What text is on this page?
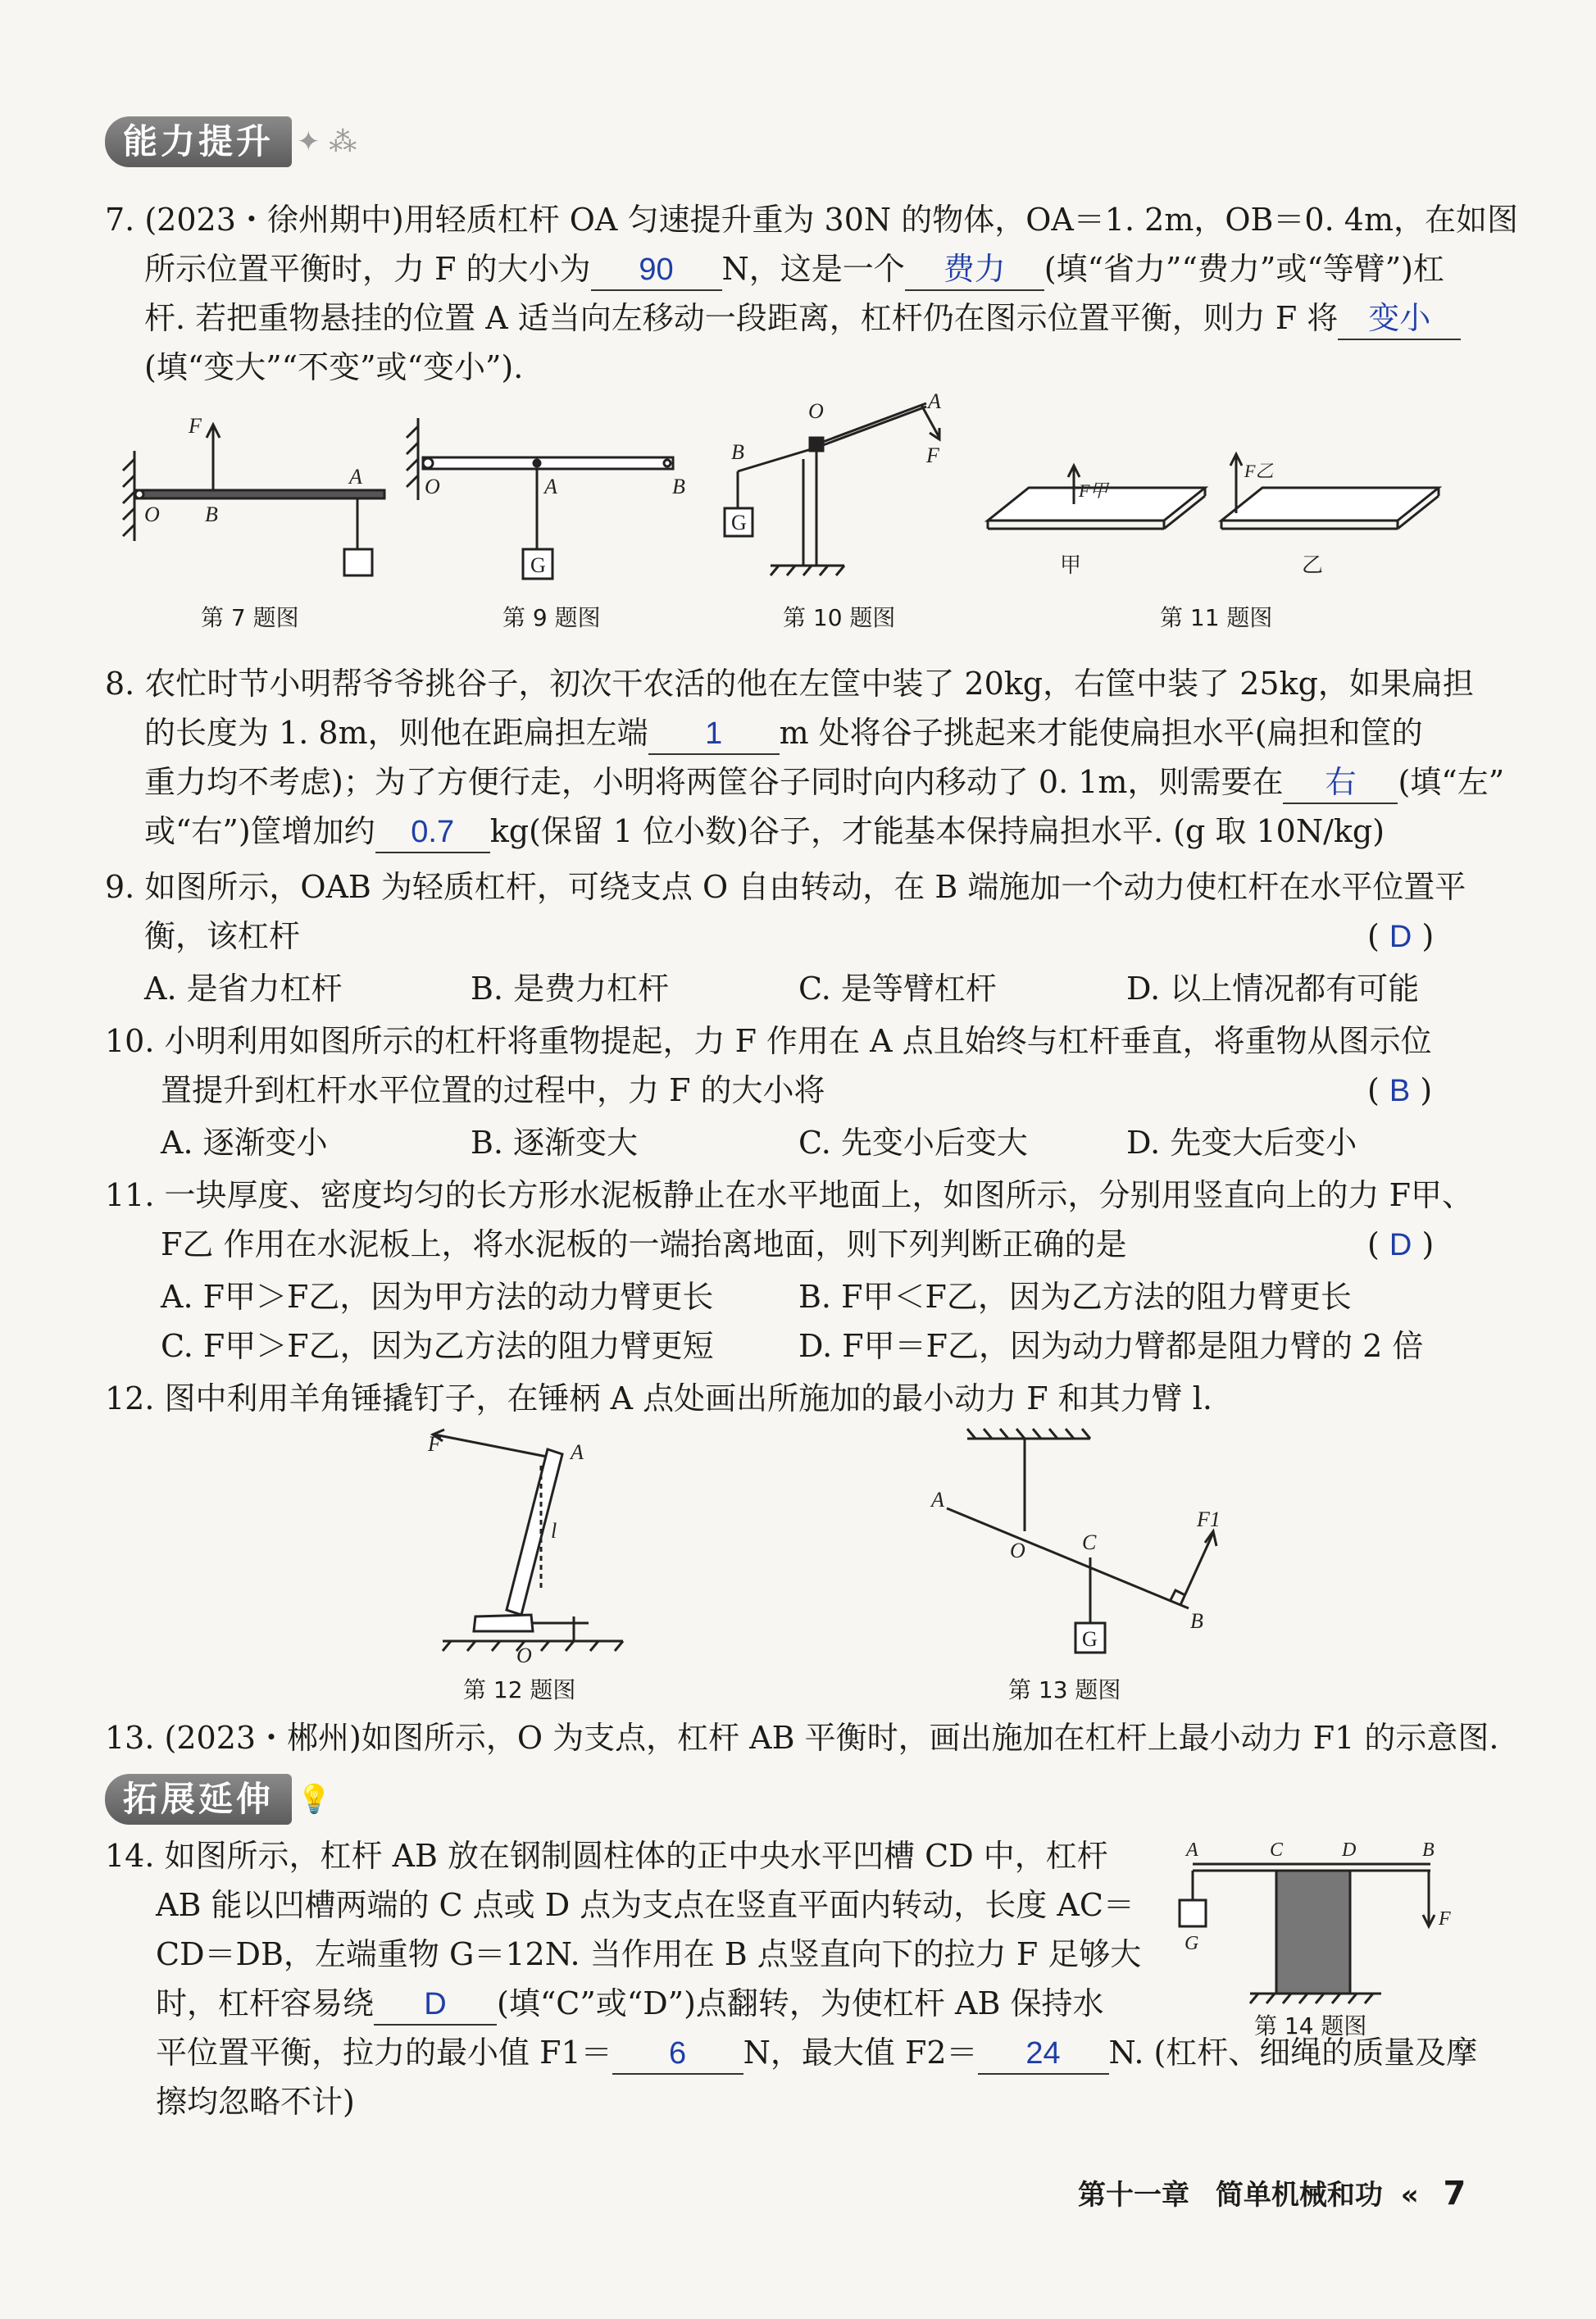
能力提升 ✦ ⁂
7. (2023・徐州期中)用轻质杠杆 OA 匀速提升重为 30N 的物体，OA＝1. 2m，OB＝0. 4m，在如图
所示位置平衡时，力 F 的大小为 90 N，这是一个 费力 (填“省力”“费力”或“等臂”)杠
杆. 若把重物悬挂的位置 A 适当向左移动一段距离，杠杆仍在图示位置平衡，则力 F 将 变小
(填“变大”“不变”或“变小”).
F
O B
A	O	A	B
G
O	A
F
B
G
F甲
F乙
甲	乙
第 7 题图	第 9 题图	第 10 题图	第 11 题图
8. 农忙时节小明帮爷爷挑谷子，初次干农活的他在左筐中装了 20kg，右筐中装了 25kg，如果扁担
的长度为 1. 8m，则他在距扁担左端 1 m 处将谷子挑起来才能使扁担水平(扁担和筐的
重力均不考虑)；为了方便行走，小明将两筐谷子同时向内移动了 0. 1m，则需要在 右 (填“左”
或“右”)筐增加约 0.7 kg(保留 1 位小数)谷子，才能基本保持扁担水平. (g 取 10N/kg)
9. 如图所示，OAB 为轻质杠杆，可绕支点 O 自由转动，在 B 端施加一个动力使杠杆在水平位置平
衡，该杠杆	( D )
A. 是省力杠杆	B. 是费力杠杆	C. 是等臂杠杆	D. 以上情况都有可能
10. 小明利用如图所示的杠杆将重物提起，力 F 作用在 A 点且始终与杠杆垂直，将重物从图示位
置提升到杠杆水平位置的过程中，力 F 的大小将	( B )
A. 逐渐变小	B. 逐渐变大	C. 先变小后变大	D. 先变大后变小
11. 一块厚度、密度均匀的长方形水泥板静止在水平地面上，如图所示，分别用竖直向上的力 F甲、
F乙 作用在水泥板上，将水泥板的一端抬离地面，则下列判断正确的是	( D )
A. F甲＞F乙，因为甲方法的动力臂更长	B. F甲＜F乙，因为乙方法的阻力臂更长
C. F甲＞F乙，因为乙方法的阻力臂更短	D. F甲＝F乙，因为动力臂都是阻力臂的 2 倍
12. 图中利用羊角锤撬钉子，在锤柄 A 点处画出所施加的最小动力 F 和其力臂 l.
F	A
l
O
A
O	C
B
F1
G
第 12 题图	第 13 题图
13. (2023・郴州)如图所示，O 为支点，杠杆 AB 平衡时，画出施加在杠杆上最小动力 F1 的示意图.
拓展延伸 💡
14. 如图所示，杠杆 AB 放在钢制圆柱体的正中央水平凹槽 CD 中，杠杆
AB 能以凹槽两端的 C 点或 D 点为支点在竖直平面内转动，长度 AC＝
CD＝DB，左端重物 G＝12N. 当作用在 B 点竖直向下的拉力 F 足够大
时，杠杆容易绕 D (填“C”或“D”)点翻转，为使杠杆 AB 保持水
平位置平衡，拉力的最小值 F1＝ 6 N，最大值 F2＝ 24 N. (杠杆、细绳的质量及摩
擦均忽略不计)
A	C	D	B
F
G
第 14 题图
第十一章 简单机械和功 « 7
